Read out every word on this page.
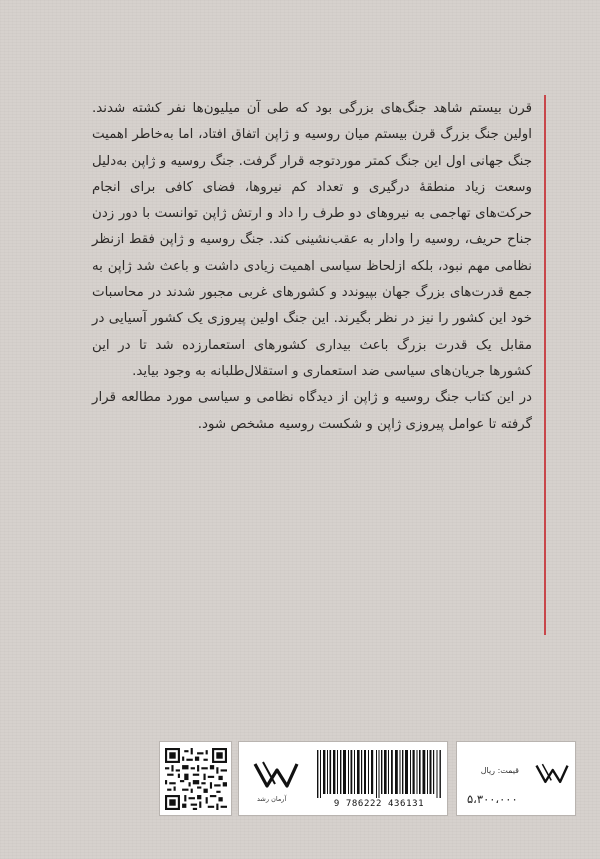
قرن بیستم شاهد جنگ‌های بزرگی بود که طی آن میلیون‌ها نفر کشته شدند. اولین جنگ بزرگ قرن بیستم میان روسیه و ژاپن اتفاق افتاد، اما به‌خاطر اهمیت جنگ جهانی اول این جنگ کمتر موردتوجه قرار گرفت. جنگ روسیه و ژاپن به‌دلیل وسعت زیاد منطقهٔ درگیری و تعداد کم نیروها، فضای کافی برای انجام حرکت‌های تهاجمی به نیروهای دو طرف را داد و ارتش ژاپن توانست با دور زدن جناح حریف، روسیه را وادار به عقب‌نشینی کند. جنگ روسیه و ژاپن فقط ازنظر نظامی مهم نبود، بلکه ازلحاظ سیاسی اهمیت زیادی داشت و باعث شد ژاپن به جمع قدرت‌های بزرگ جهان بپیوندد و کشورهای غربی مجبور شدند در محاسبات خود این کشور را نیز در نظر بگیرند. این جنگ اولین پیروزی یک کشور آسیایی در مقابل یک قدرت بزرگ باعث بیداری کشورهای استعمارزده شد تا در این کشورها جریان‌های سیاسی ضد استعماری و استقلال‌طلبانه به وجود بیاید.

در این کتاب جنگ روسیه و ژاپن از دیدگاه نظامی و سیاسی مورد مطالعه قرار گرفته تا عوامل پیروزی ژاپن و شکست روسیه مشخص شود.

آرمان رشد	9 786222 436131
قیمت: ریال
۵،۳۰۰،۰۰۰
